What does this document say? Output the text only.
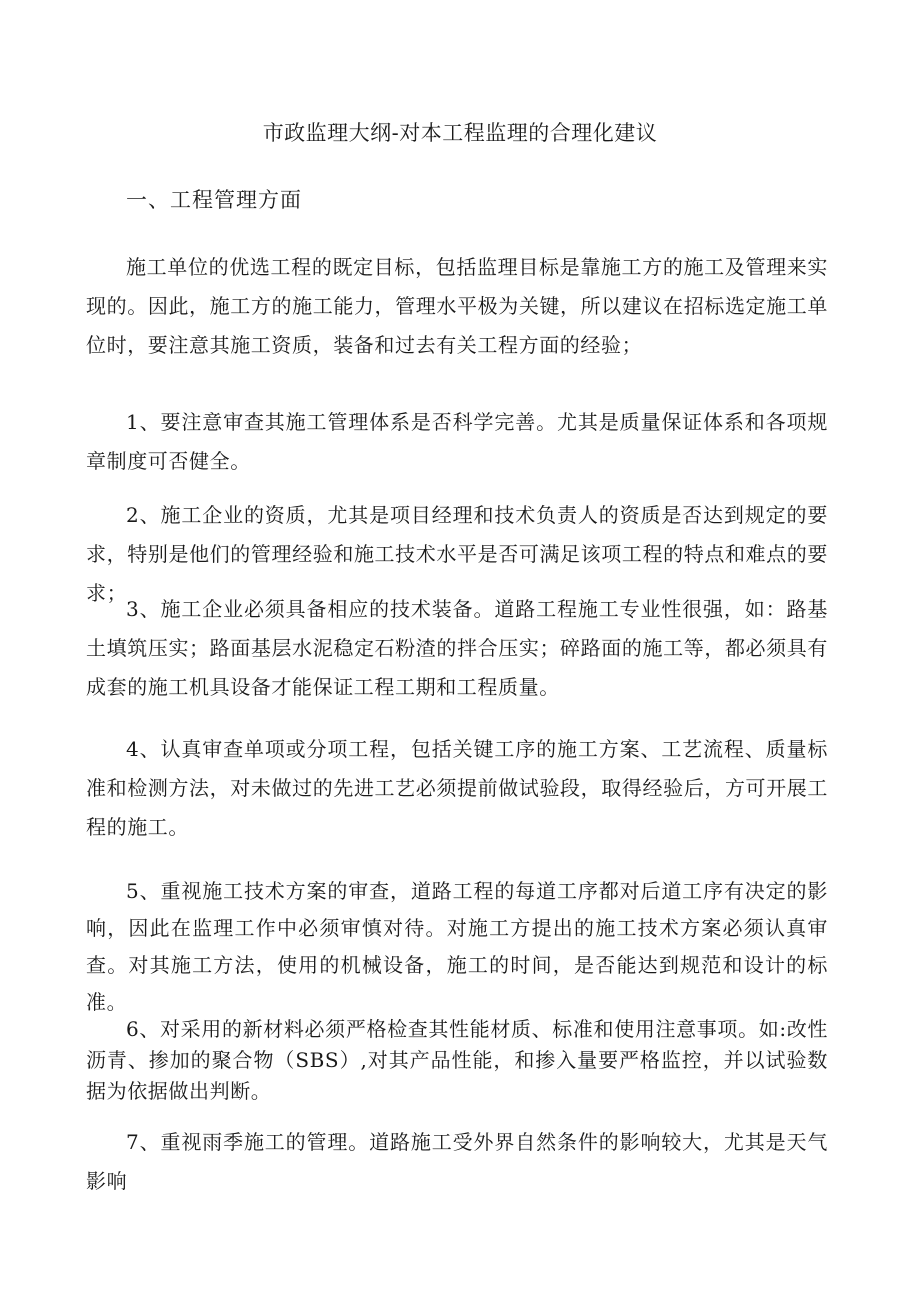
市政监理大纲-对本工程监理的合理化建议
一、工程管理方面

施工单位的优选工程的既定目标，包括监理目标是靠施工方的施工及管理来实现的。因此，施工方的施工能力，管理水平极为关键，所以建议在招标选定施工单位时，要注意其施工资质，装备和过去有关工程方面的经验；

1、要注意审查其施工管理体系是否科学完善。尤其是质量保证体系和各项规章制度可否健全。

2、施工企业的资质，尤其是项目经理和技术负责人的资质是否达到规定的要求，特别是他们的管理经验和施工技术水平是否可满足该项工程的特点和难点的要求；

3、施工企业必须具备相应的技术装备。道路工程施工专业性很强，如：路基土填筑压实；路面基层水泥稳定石粉渣的拌合压实；碎路面的施工等，都必须具有成套的施工机具设备才能保证工程工期和工程质量。

4、认真审查单项或分项工程，包括关键工序的施工方案、工艺流程、质量标准和检测方法，对未做过的先进工艺必须提前做试验段，取得经验后，方可开展工程的施工。

5、重视施工技术方案的审查，道路工程的每道工序都对后道工序有决定的影响，因此在监理工作中必须审慎对待。对施工方提出的施工技术方案必须认真审查。对其施工方法，使用的机械设备，施工的时间，是否能达到规范和设计的标准。

6、对采用的新材料必须严格检查其性能材质、标准和使用注意事项。如:改性沥青、掺加的聚合物（SBS）,对其产品性能，和掺入量要严格监控，并以试验数据为依据做出判断。

7、重视雨季施工的管理。道路施工受外界自然条件的影响较大，尤其是天气影响
